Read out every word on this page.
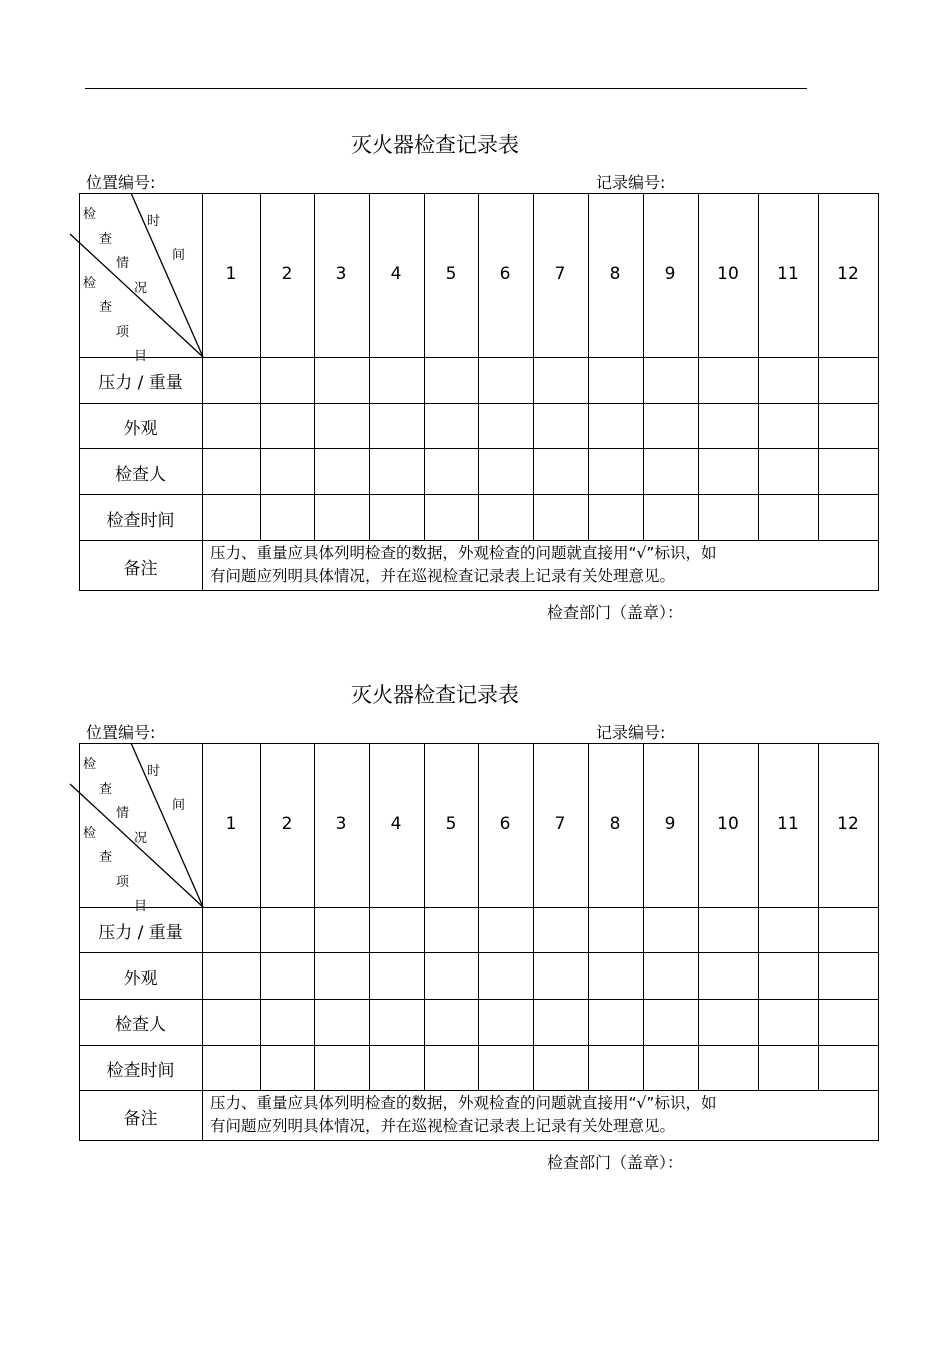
灭火器检查记录表
位置编号:	记录编号:
检
查
情
况
时
间
检
查
项
目
1	2	3	4	5	6	7	8	9	10	11	12
压力 / 重量
外观
检查人
检查时间
备注
压力、重量应具体列明检查的数据，外观检查的问题就直接用“√”标识，如
有问题应列明具体情况，并在巡视检查记录表上记录有关处理意见。
检查部门（盖章）：
灭火器检查记录表
位置编号:	记录编号:
检
查
情
况
时
间
检
查
项
目
1	2	3	4	5	6	7	8	9	10	11	12
压力 / 重量
外观
检查人
检查时间
备注
压力、重量应具体列明检查的数据，外观检查的问题就直接用“√”标识，如
有问题应列明具体情况，并在巡视检查记录表上记录有关处理意见。
检查部门（盖章）：
